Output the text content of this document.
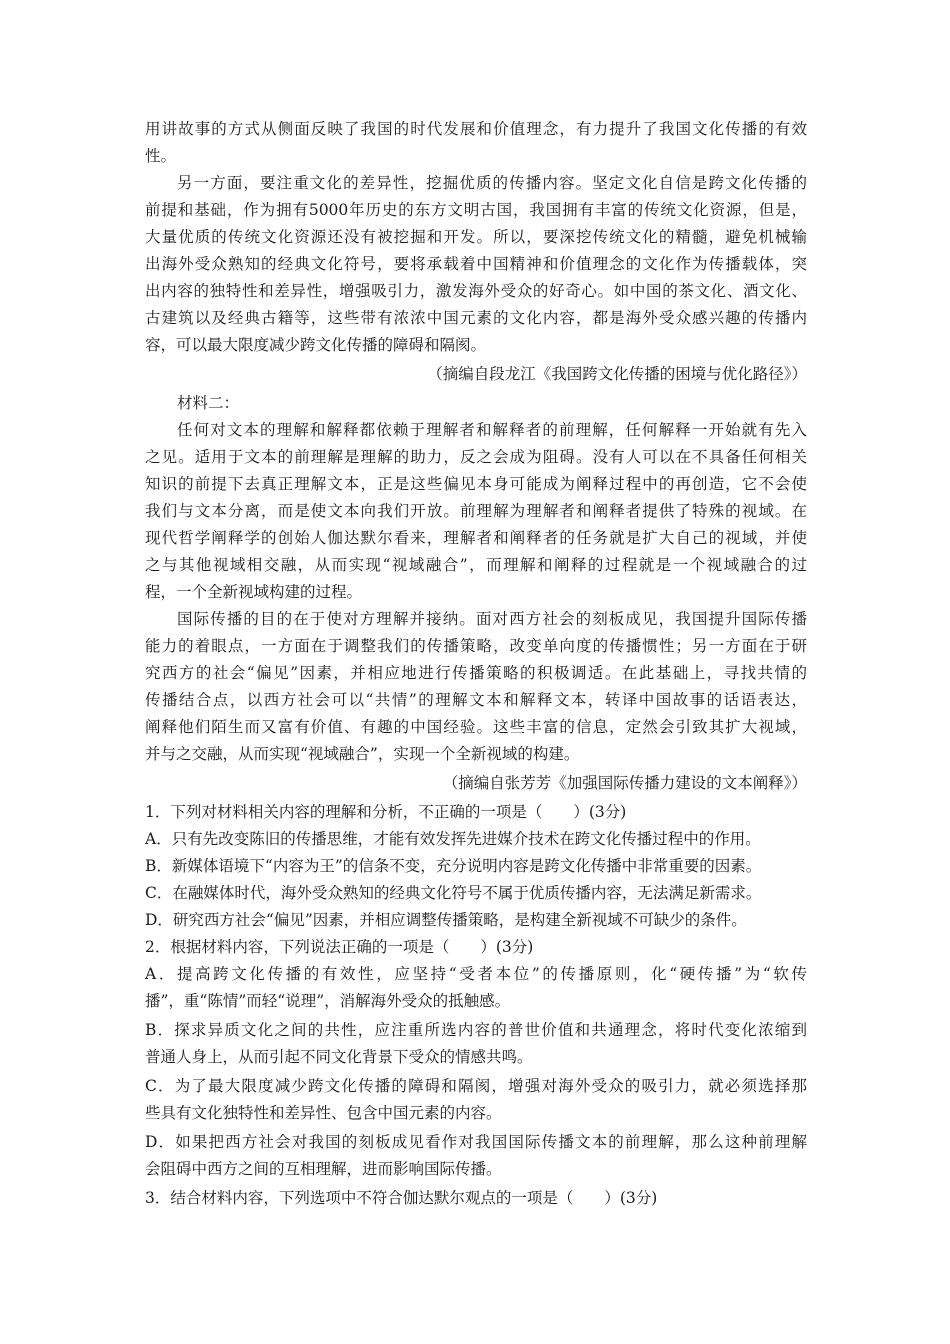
用讲故事的方式从侧面反映了我国的时代发展和价值理念，有力提升了我国文化传播的有效
性。
另一方面，要注重文化的差异性，挖掘优质的传播内容。坚定文化自信是跨文化传播的
前提和基础，作为拥有5000年历史的东方文明古国，我国拥有丰富的传统文化资源，但是，
大量优质的传统文化资源还没有被挖掘和开发。所以，要深挖传统文化的精髓，避免机械输
出海外受众熟知的经典文化符号，要将承载着中国精神和价值理念的文化作为传播载体，突
出内容的独特性和差异性，增强吸引力，激发海外受众的好奇心。如中国的茶文化、酒文化、
古建筑以及经典古籍等，这些带有浓浓中国元素的文化内容，都是海外受众感兴趣的传播内
容，可以最大限度减少跨文化传播的障碍和隔阂。
（摘编自段龙江《我国跨文化传播的困境与优化路径》）
材料二：
任何对文本的理解和解释都依赖于理解者和解释者的前理解，任何解释一开始就有先入
之见。适用于文本的前理解是理解的助力，反之会成为阻碍。没有人可以在不具备任何相关
知识的前提下去真正理解文本，正是这些偏见本身可能成为阐释过程中的再创造，它不会使
我们与文本分离，而是使文本向我们开放。前理解为理解者和阐释者提供了特殊的视域。在
现代哲学阐释学的创始人伽达默尔看来，理解者和阐释者的任务就是扩大自己的视域，并使
之与其他视域相交融，从而实现“视域融合”，而理解和阐释的过程就是一个视域融合的过
程，一个全新视域构建的过程。
国际传播的目的在于使对方理解并接纳。面对西方社会的刻板成见，我国提升国际传播
能力的着眼点，一方面在于调整我们的传播策略，改变单向度的传播惯性；另一方面在于研
究西方的社会“偏见”因素，并相应地进行传播策略的积极调适。在此基础上，寻找共情的
传播结合点，以西方社会可以“共情”的理解文本和解释文本，转译中国故事的话语表达，
阐释他们陌生而又富有价值、有趣的中国经验。这些丰富的信息，定然会引致其扩大视域，
并与之交融，从而实现“视域融合”，实现一个全新视域的构建。
（摘编自张芳芳《加强国际传播力建设的文本阐释》）
1．下列对材料相关内容的理解和分析，不正确的一项是（　　）(3分)
A．只有先改变陈旧的传播思维，才能有效发挥先进媒介技术在跨文化传播过程中的作用。
B．新媒体语境下“内容为王”的信条不变，充分说明内容是跨文化传播中非常重要的因素。
C．在融媒体时代，海外受众熟知的经典文化符号不属于优质传播内容，无法满足新需求。
D．研究西方社会“偏见”因素，并相应调整传播策略，是构建全新视域不可缺少的条件。
2．根据材料内容，下列说法正确的一项是（　　）(3分)
A．提高跨文化传播的有效性，应坚持“受者本位”的传播原则，化“硬传播”为“软传
播”，重“陈情”而轻“说理”，消解海外受众的抵触感。
B．探求异质文化之间的共性，应注重所选内容的普世价值和共通理念，将时代变化浓缩到
普通人身上，从而引起不同文化背景下受众的情感共鸣。
C．为了最大限度减少跨文化传播的障碍和隔阂，增强对海外受众的吸引力，就必须选择那
些具有文化独特性和差异性、包含中国元素的内容。
D．如果把西方社会对我国的刻板成见看作对我国国际传播文本的前理解，那么这种前理解
会阻碍中西方之间的互相理解，进而影响国际传播。
3．结合材料内容，下列选项中不符合伽达默尔观点的一项是（　　）(3分)
